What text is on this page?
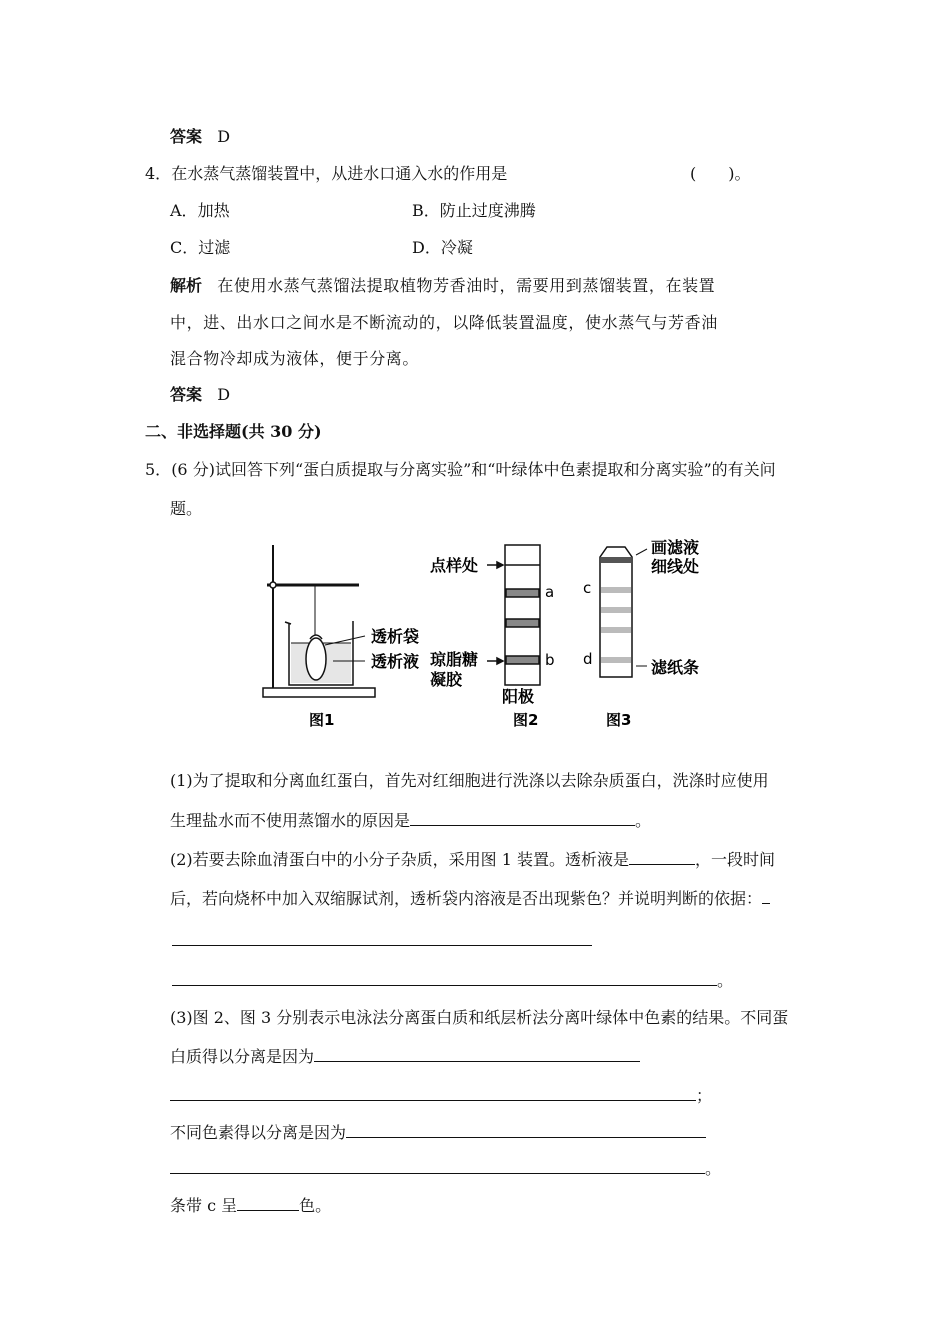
答案 D
4．在水蒸气蒸馏装置中，从进水口通入水的作用是	(　　)。
A．加热	B．防止过度沸腾
C．过滤	D．冷凝
解析 在使用水蒸气蒸馏法提取植物芳香油时，需要用到蒸馏装置，在装置
中，进、出水口之间水是不断流动的，以降低装置温度，使水蒸气与芳香油
混合物冷却成为液体，便于分离。
答案 D
二、非选择题(共 30 分)
5．(6 分)试回答下列“蛋白质提取与分离实验”和“叶绿体中色素提取和分离实验”的有关问
题。
透析袋
透析液
图1
点样处
a
b
琼脂糖
凝胶
阳极
图2
画滤液
细线处
c
d	滤纸条
图3
(1)为了提取和分离血红蛋白，首先对红细胞进行洗涤以去除杂质蛋白，洗涤时应使用
生理盐水而不使用蒸馏水的原因是	。
(2)若要去除血清蛋白中的小分子杂质，采用图 1 装置。透析液是	，一段时间
后，若向烧杯中加入双缩脲试剂，透析袋内溶液是否出现紫色？并说明判断的依据：
。
(3)图 2、图 3 分别表示电泳法分离蛋白质和纸层析法分离叶绿体中色素的结果。不同蛋
白质得以分离是因为
；
不同色素得以分离是因为
。
条带 c 呈	色。
